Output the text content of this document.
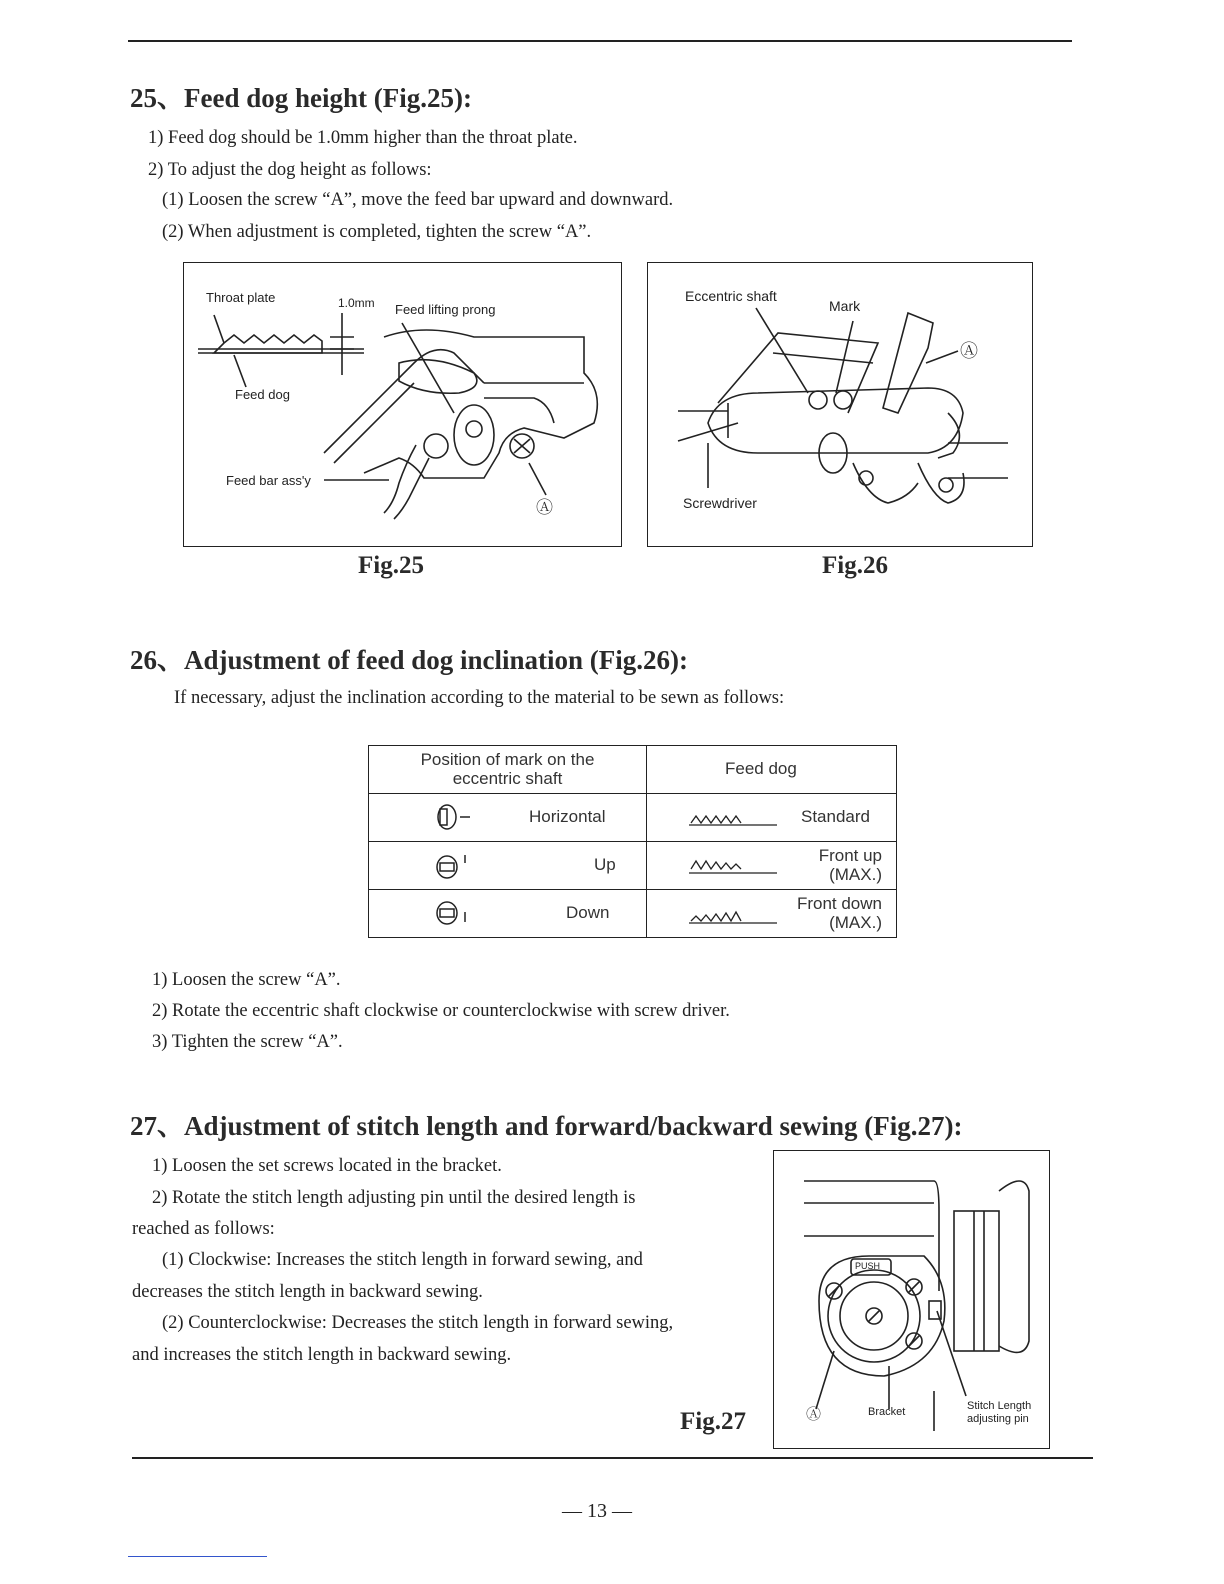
25、Feed dog height (Fig.25):
1) Feed dog should be 1.0mm higher than the throat plate.
2) To adjust the dog height as follows:
(1) Loosen the screw “A”, move the feed bar upward and downward.
(2) When adjustment is completed, tighten the screw “A”.
Throat plate	1.0mm Feed lifting prong
Feed dog
Feed bar ass'y
Ⓐ
Fig.25
Eccentric shaft
Mark
Ⓐ
Screwdriver
Fig.26
26、Adjustment of feed dog inclination (Fig.26):
If necessary, adjust the inclination according to the material to be sewn as follows:
Position of mark on the eccentric shaft	Feed dog

Horizontal	Standard

Up	Front up (MAX.)

Down	Front down (MAX.)
1) Loosen the screw “A”.
2) Rotate the eccentric shaft clockwise or counterclockwise with screw driver.
3) Tighten the screw “A”.
27、Adjustment of stitch length and forward/backward sewing (Fig.27):
1) Loosen the set screws located in the bracket.
2) Rotate the stitch length adjusting pin until the desired length is
reached as follows:
(1) Clockwise: Increases the stitch length in forward sewing, and
decreases the stitch length in backward sewing.
(2) Counterclockwise: Decreases the stitch length in forward sewing,
and increases the stitch length in backward sewing.
Fig.27
PUSH
Ⓐ	Bracket	Stitch Length
adjusting pin
— 13 —
